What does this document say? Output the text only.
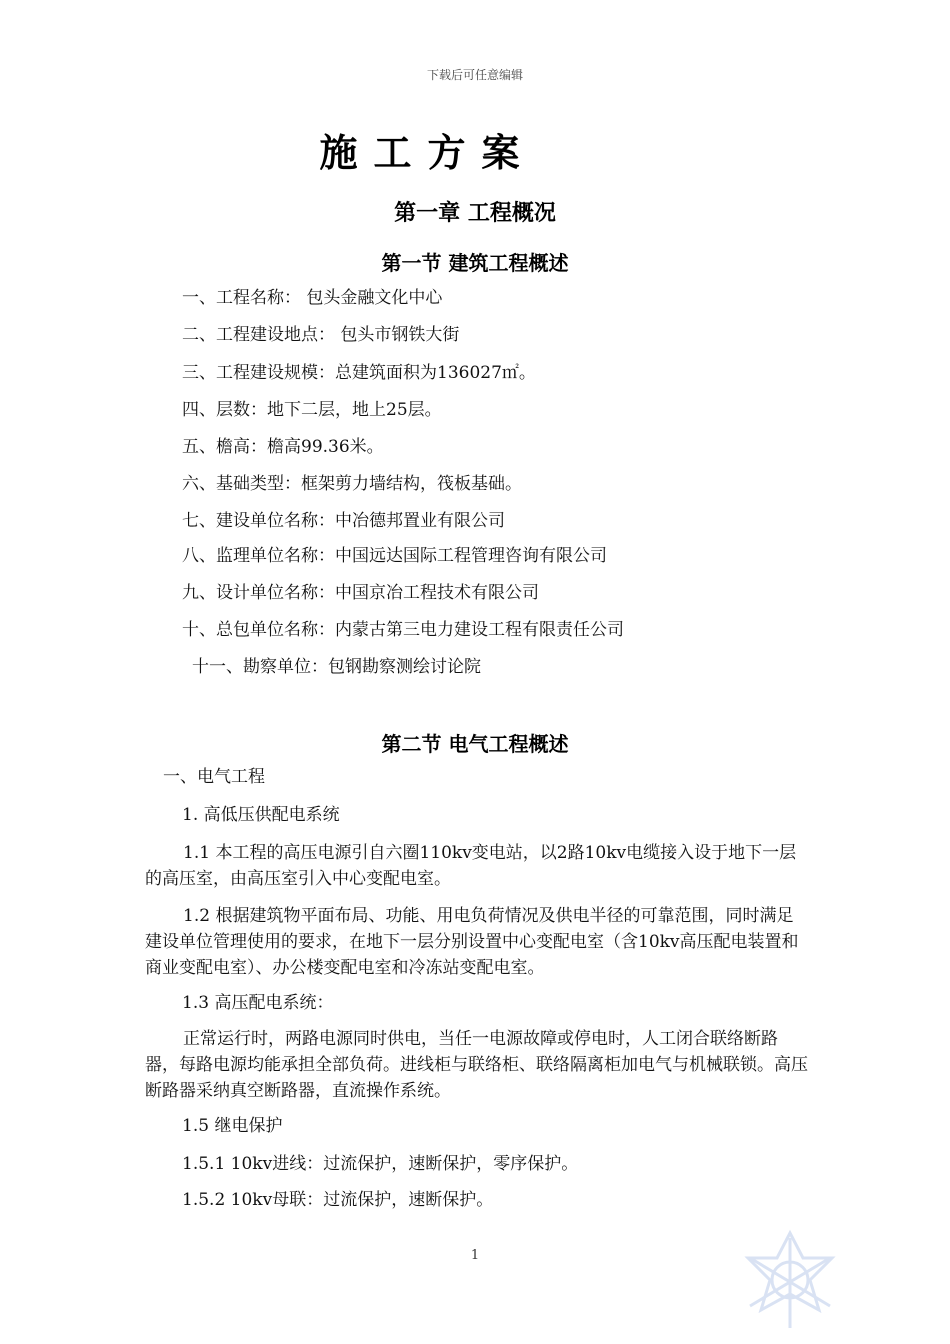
下载后可任意编辑
施工方案
第一章 工程概况
第一节 建筑工程概述
一、工程名称： 包头金融文化中心
二、工程建设地点： 包头市钢铁大街
三、工程建设规模：总建筑面积为136027㎡。
四、层数：地下二层，地上25层。
五、檐高：檐高99.36米。
六、基础类型：框架剪力墙结构，筏板基础。
七、建设单位名称：中冶德邦置业有限公司
八、监理单位名称：中国远达国际工程管理咨询有限公司
九、设计单位名称：中国京冶工程技术有限公司
十、总包单位名称：内蒙古第三电力建设工程有限责任公司
十一、勘察单位：包钢勘察测绘讨论院
第二节 电气工程概述
一、电气工程
1. 高低压供配电系统
1.1 本工程的高压电源引自六圈110kv变电站，以2路10kv电缆接入设于地下一层的高压室，由高压室引入中心变配电室。
1.2 根据建筑物平面布局、功能、用电负荷情况及供电半径的可靠范围，同时满足建设单位管理使用的要求，在地下一层分别设置中心变配电室（含10kv高压配电装置和商业变配电室）、办公楼变配电室和冷冻站变配电室。
1.3 高压配电系统：
正常运行时，两路电源同时供电，当任一电源故障或停电时，人工闭合联络断路器，每路电源均能承担全部负荷。进线柜与联络柜、联络隔离柜加电气与机械联锁。高压断路器采纳真空断路器，直流操作系统。
1.5 继电保护
1.5.1 10kv进线：过流保护，速断保护，零序保护。
1.5.2 10kv母联：过流保护，速断保护。
1
